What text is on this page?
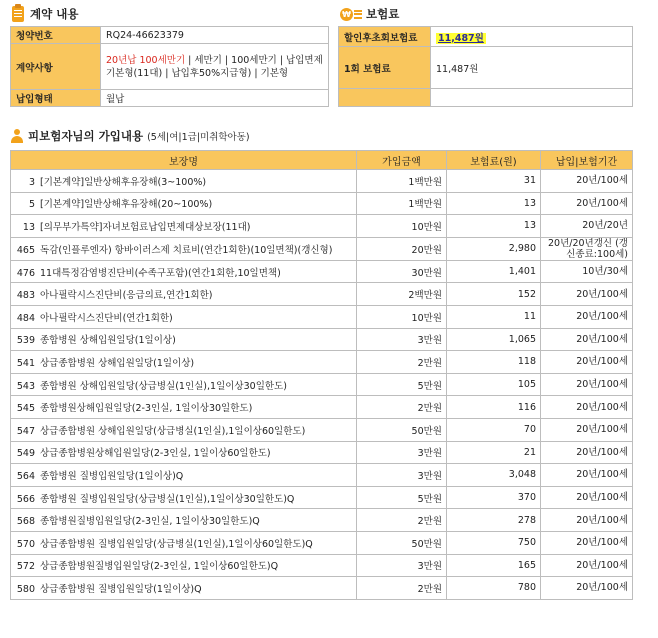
계약 내용
청약번호	RQ24-46623379
계약사항	20년납 100세만기 | 세만기 | 100세만기 | 납입면제기본형(11대) | 납입후50%지급형) | 기본형
납입형태	월납
₩ 보험료
할인후초회보험료	11,487원
1회 보험료	11,487원

피보험자님의 가입내용 (5세|여|1급|미취학아동)
보장명	가입금액	보험료(원)	납입|보험기간
3 [기본계약]일반상해후유장해(3~100%)	1백만원	31	20년/100세
5 [기본계약]일반상해후유장해(20~100%)	1백만원	13	20년/100세
13 [의무부가특약]자녀보험료납입면제대상보장(11대)	10만원	13	20년/20년
465 독감(인플루엔자) 항바이러스제 치료비(연간1회한)(10일면책)(갱신형)	20만원	2,980	20년/20년갱신 (갱신종료:100세)
476 11대특정감염병진단비(수족구포함)(연간1회한,10일면책)	30만원	1,401	10년/30세
483 아나필락시스진단비(응급의료,연간1회한)	2백만원	152	20년/100세
484 아나필락시스진단비(연간1회한)	10만원	11	20년/100세
539 종합병원 상해입원일당(1일이상)	3만원	1,065	20년/100세
541 상급종합병원 상해입원일당(1일이상)	2만원	118	20년/100세
543 종합병원 상해입원일당(상급병실(1인실),1일이상30일한도)	5만원	105	20년/100세
545 종합병원상해입원일당(2-3인실, 1일이상30일한도)	2만원	116	20년/100세
547 상급종합병원 상해입원일당(상급병실(1인실),1일이상60일한도)	50만원	70	20년/100세
549 상급종합병원상해입원일당(2-3인실, 1일이상60일한도)	3만원	21	20년/100세
564 종합병원 질병입원일당(1일이상)Q	3만원	3,048	20년/100세
566 종합병원 질병입원일당(상급병실(1인실),1일이상30일한도)Q	5만원	370	20년/100세
568 종합병원질병입원일당(2-3인실, 1일이상30일한도)Q	2만원	278	20년/100세
570 상급종합병원 질병입원일당(상급병실(1인실),1일이상60일한도)Q	50만원	750	20년/100세
572 상급종합병원질병입원일당(2-3인실, 1일이상60일한도)Q	3만원	165	20년/100세
580 상급종합병원 질병입원일당(1일이상)Q	2만원	780	20년/100세
